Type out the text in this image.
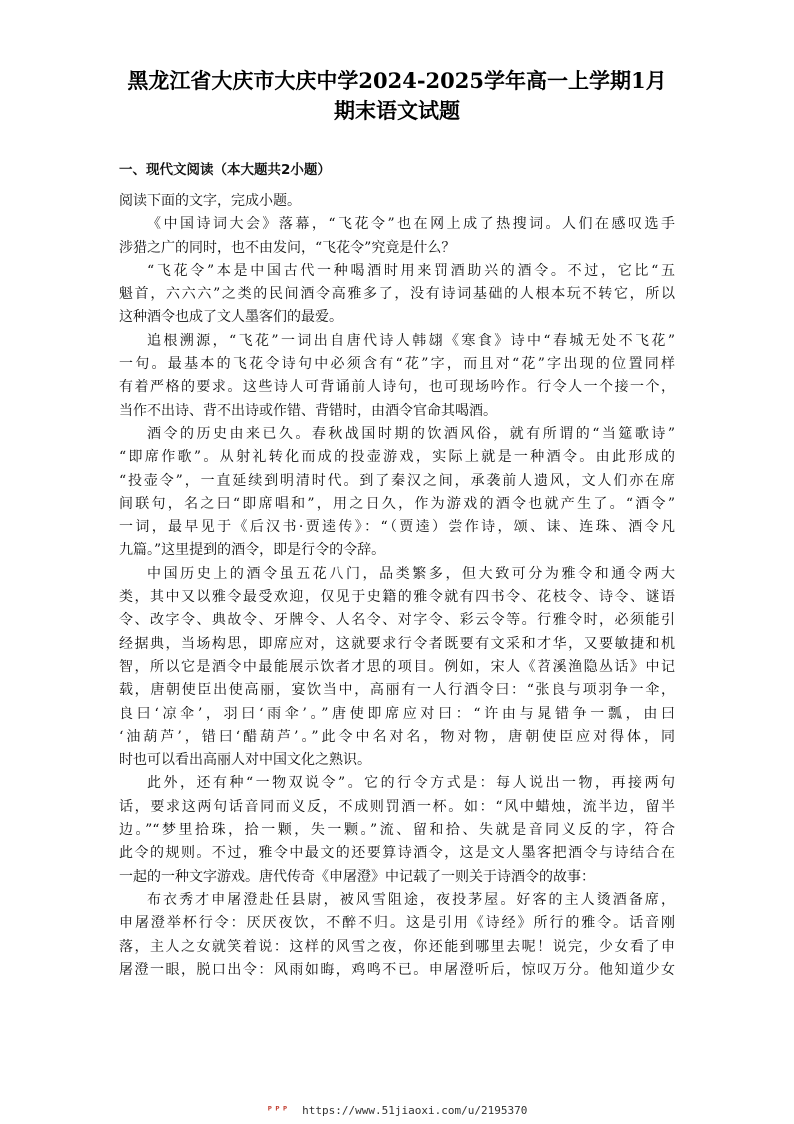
黑龙江省大庆市大庆中学2024-2025学年高一上学期1月
期末语文试题
一、现代文阅读（本大题共2小题）
阅读下面的文字，完成小题。
《中国诗词大会》落幕，“飞花令”也在网上成了热搜词。人们在感叹选手
涉猎之广的同时，也不由发问，“飞花令”究竟是什么？
“飞花令”本是中国古代一种喝酒时用来罚酒助兴的酒令。不过，它比“五
魁首，六六六”之类的民间酒令高雅多了，没有诗词基础的人根本玩不转它，所以
这种酒令也成了文人墨客们的最爱。
追根溯源，“飞花”一词出自唐代诗人韩翃《寒食》诗中“春城无处不飞花”
一句。最基本的飞花令诗句中必须含有“花”字，而且对“花”字出现的位置同样
有着严格的要求。这些诗人可背诵前人诗句，也可现场吟作。行令人一个接一个，
当作不出诗、背不出诗或作错、背错时，由酒令官命其喝酒。
酒令的历史由来已久。春秋战国时期的饮酒风俗，就有所谓的“当筵歌诗”
“即席作歌”。从射礼转化而成的投壶游戏，实际上就是一种酒令。由此形成的
“投壶令”，一直延续到明清时代。到了秦汉之间，承袭前人遗风，文人们亦在席
间联句，名之曰“即席唱和”，用之日久，作为游戏的酒令也就产生了。“酒令”
一词，最早见于《后汉书·贾逵传》：“（贾逵）尝作诗，颂、诔、连珠、酒令凡
九篇。”这里提到的酒令，即是行令的令辞。
中国历史上的酒令虽五花八门，品类繁多，但大致可分为雅令和通令两大
类，其中又以雅令最受欢迎，仅见于史籍的雅令就有四书令、花枝令、诗令、谜语
令、改字令、典故令、牙牌令、人名令、对字令、彩云令等。行雅令时，必须能引
经据典，当场构思，即席应对，这就要求行令者既要有文采和才华，又要敏捷和机
智，所以它是酒令中最能展示饮者才思的项目。例如，宋人《苕溪渔隐丛话》中记
载，唐朝使臣出使高丽，宴饮当中，高丽有一人行酒令曰：“张良与项羽争一伞，
良曰‘凉伞’，羽曰‘雨伞’。”唐使即席应对曰：“许由与晁错争一瓢，由曰
‘油葫芦’，错曰‘醋葫芦’。”此令中名对名，物对物，唐朝使臣应对得体，同
时也可以看出高丽人对中国文化之熟识。
此外，还有种“一物双说令”。它的行令方式是：每人说出一物，再接两句
话，要求这两句话音同而义反，不成则罚酒一杯。如：“风中蜡烛，流半边，留半
边。”“梦里拾珠，拾一颗，失一颗。”流、留和拾、失就是音同义反的字，符合
此令的规则。不过，雅令中最文的还要算诗酒令，这是文人墨客把酒令与诗结合在
一起的一种文字游戏。唐代传奇《申屠澄》中记载了一则关于诗酒令的故事：
布衣秀才申屠澄赴任县尉，被风雪阻途，夜投茅屋。好客的主人烫酒备席，
申屠澄举杯行令：厌厌夜饮，不醉不归。这是引用《诗经》所行的雅令。话音刚
落，主人之女就笑着说：这样的风雪之夜，你还能到哪里去呢！说完，少女看了申
屠澄一眼，脱口出令：风雨如晦，鸡鸣不已。申屠澄听后，惊叹万分。他知道少女
ᴾᴾᴾ https://www.51jiaoxi.com/u/2195370
